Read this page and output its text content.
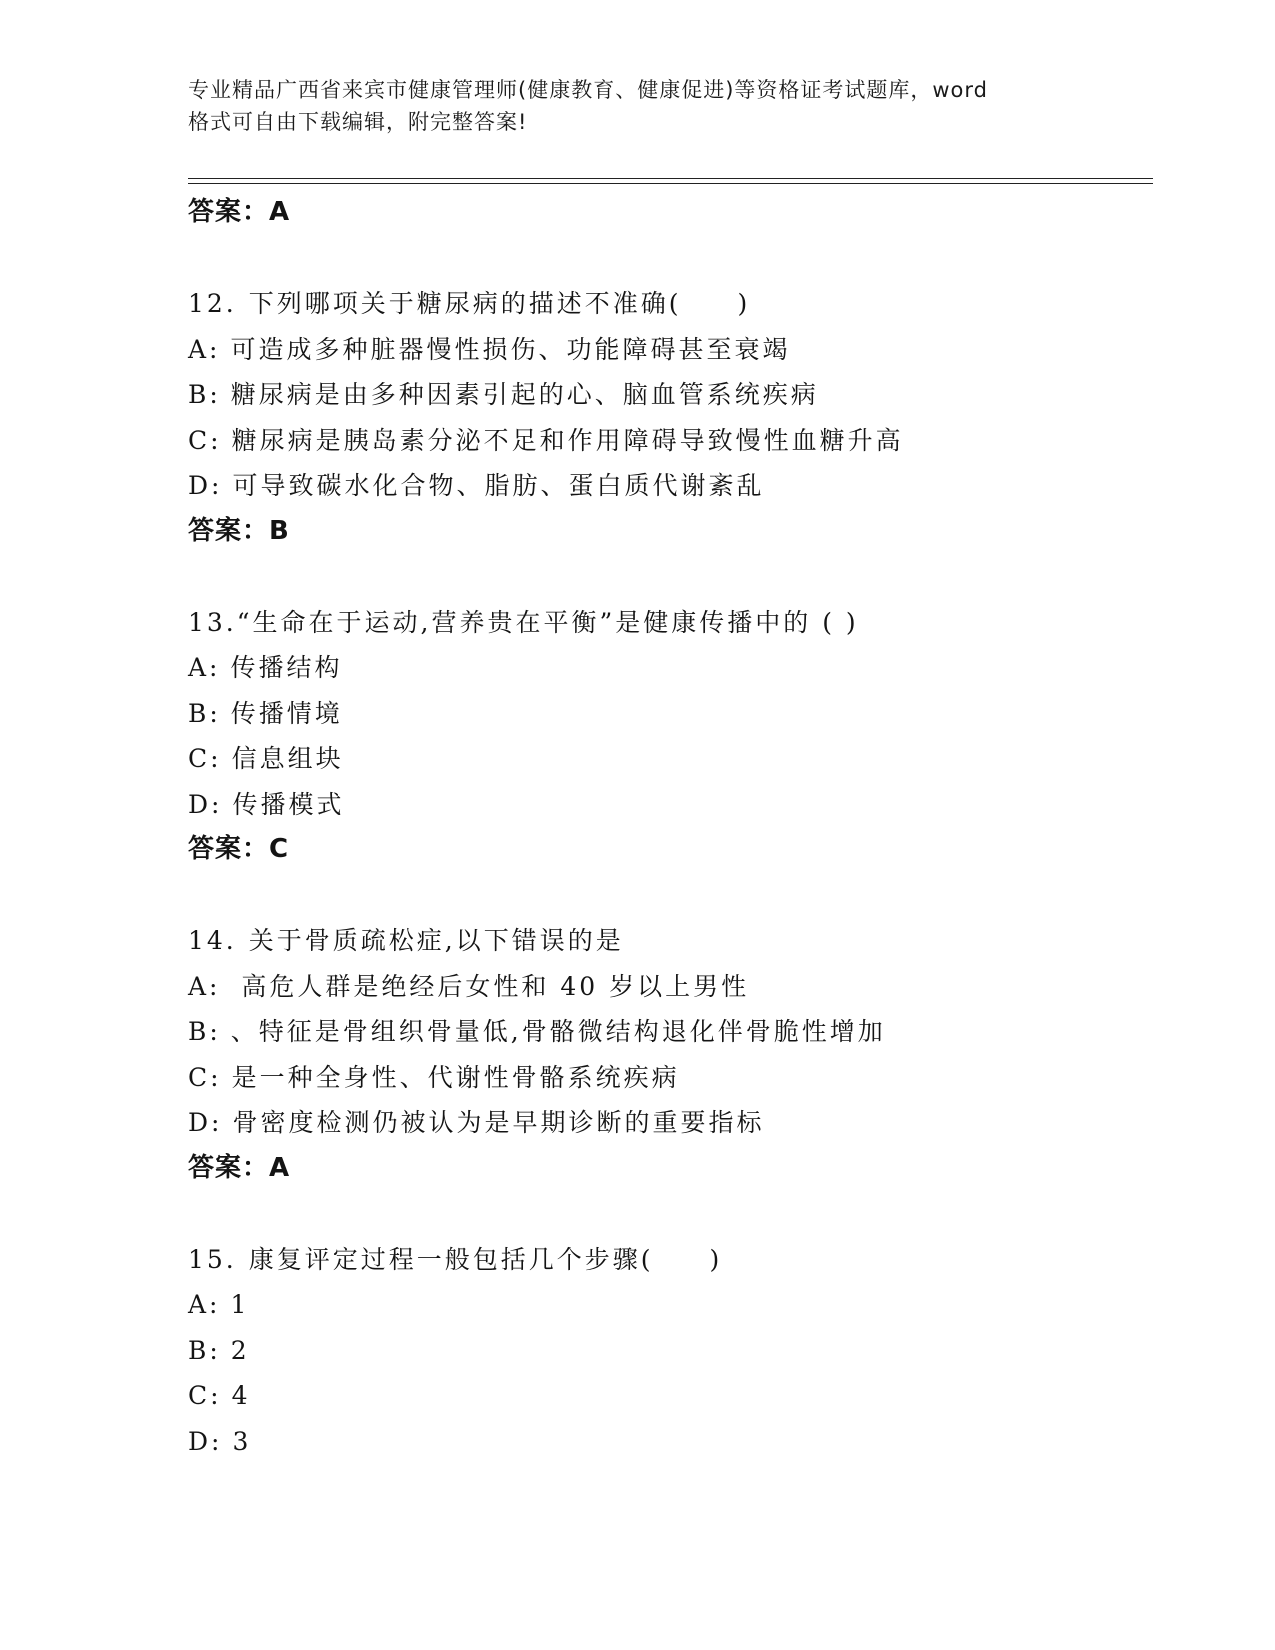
专业精品广西省来宾市健康管理师(健康教育、健康促进)等资格证考试题库，word
格式可自由下载编辑，附完整答案!
答案：A
12. 下列哪项关于糖尿病的描述不准确(　　)
A: 可造成多种脏器慢性损伤、功能障碍甚至衰竭
B: 糖尿病是由多种因素引起的心、脑血管系统疾病
C: 糖尿病是胰岛素分泌不足和作用障碍导致慢性血糖升高
D: 可导致碳水化合物、脂肪、蛋白质代谢紊乱
答案：B
13.“生命在于运动,营养贵在平衡”是健康传播中的 ( )
A: 传播结构
B: 传播情境
C: 信息组块
D: 传播模式
答案：C
14. 关于骨质疏松症,以下错误的是
A: 高危人群是绝经后女性和 40 岁以上男性
B: 、特征是骨组织骨量低,骨骼微结构退化伴骨脆性增加
C: 是一种全身性、代谢性骨骼系统疾病
D: 骨密度检测仍被认为是早期诊断的重要指标
答案：A
15. 康复评定过程一般包括几个步骤(　　)
A: 1
B: 2
C: 4
D: 3
